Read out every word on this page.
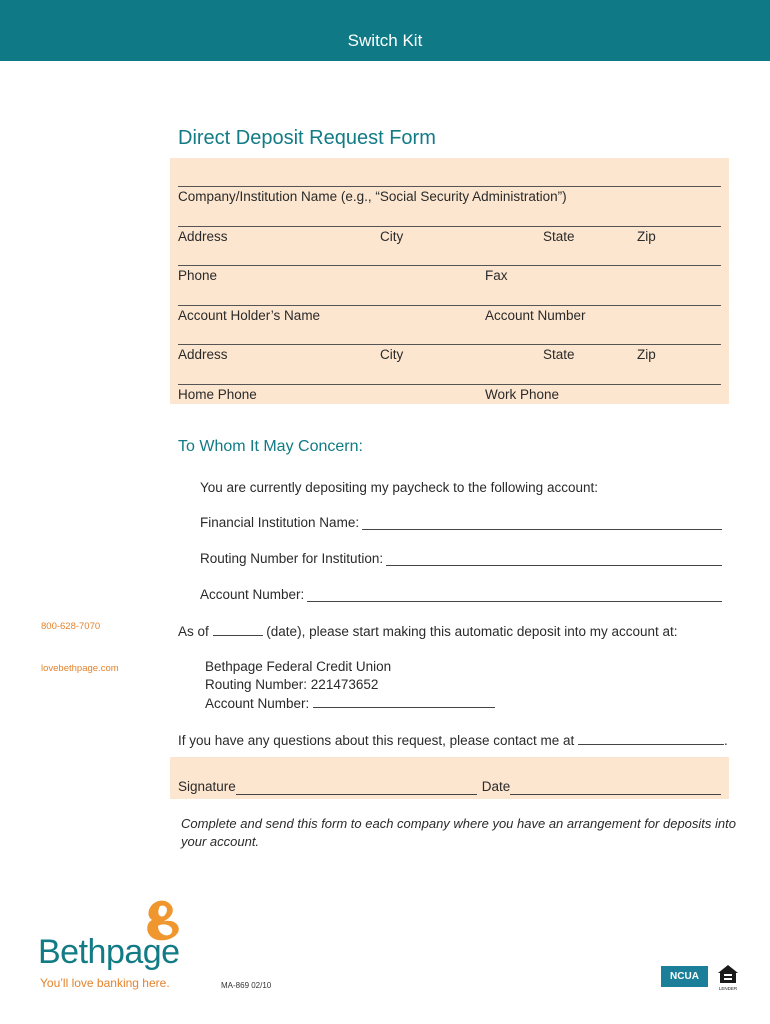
Switch Kit
Direct Deposit Request Form
Company/Institution Name (e.g., “Social Security Administration”)
Address	City	State	Zip
Phone	Fax
Account Holder’s Name	Account Number
Address	City	State	Zip
Home Phone	Work Phone
To Whom It May Concern:
You are currently depositing my paycheck to the following account:
Financial Institution Name:
Routing Number for Institution:
Account Number:
As of	(date), please start making this automatic deposit into my account at:
Bethpage Federal Credit Union
Routing Number: 221473652
Account Number:
If you have any questions about this request, please contact me at	.
Signature	Date
Complete and send this form to each company where you have an arrangement for deposits into your account.
800-628-7070
lovebethpage.com
Bethpage
You’ll love banking here.	MA-869 02/10
NCUA
LENDER
